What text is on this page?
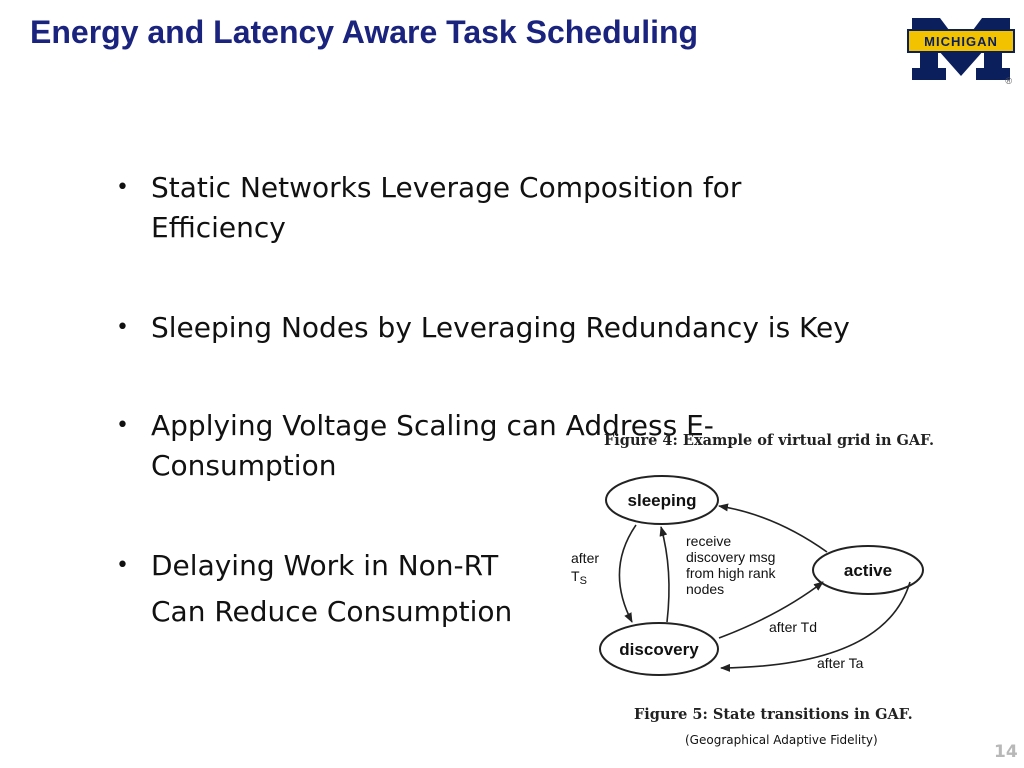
Energy and Latency Aware Task Scheduling	MICHIGAN
®
• Static Networks Leverage Composition for
Efficiency
• Sleeping Nodes by Leveraging Redundancy is Key
• Applying Voltage Scaling can Address E-
Consumption
• Delaying Work in Non-RT
Can Reduce Consumption
Figure 4: Example of virtual grid in GAF.
sleeping
active
discovery
after
$T_S$
receive
discovery msg
from high rank
nodes
after Td
after Ta
Figure 5: State transitions in GAF.
(Geographical Adaptive Fidelity)
14
